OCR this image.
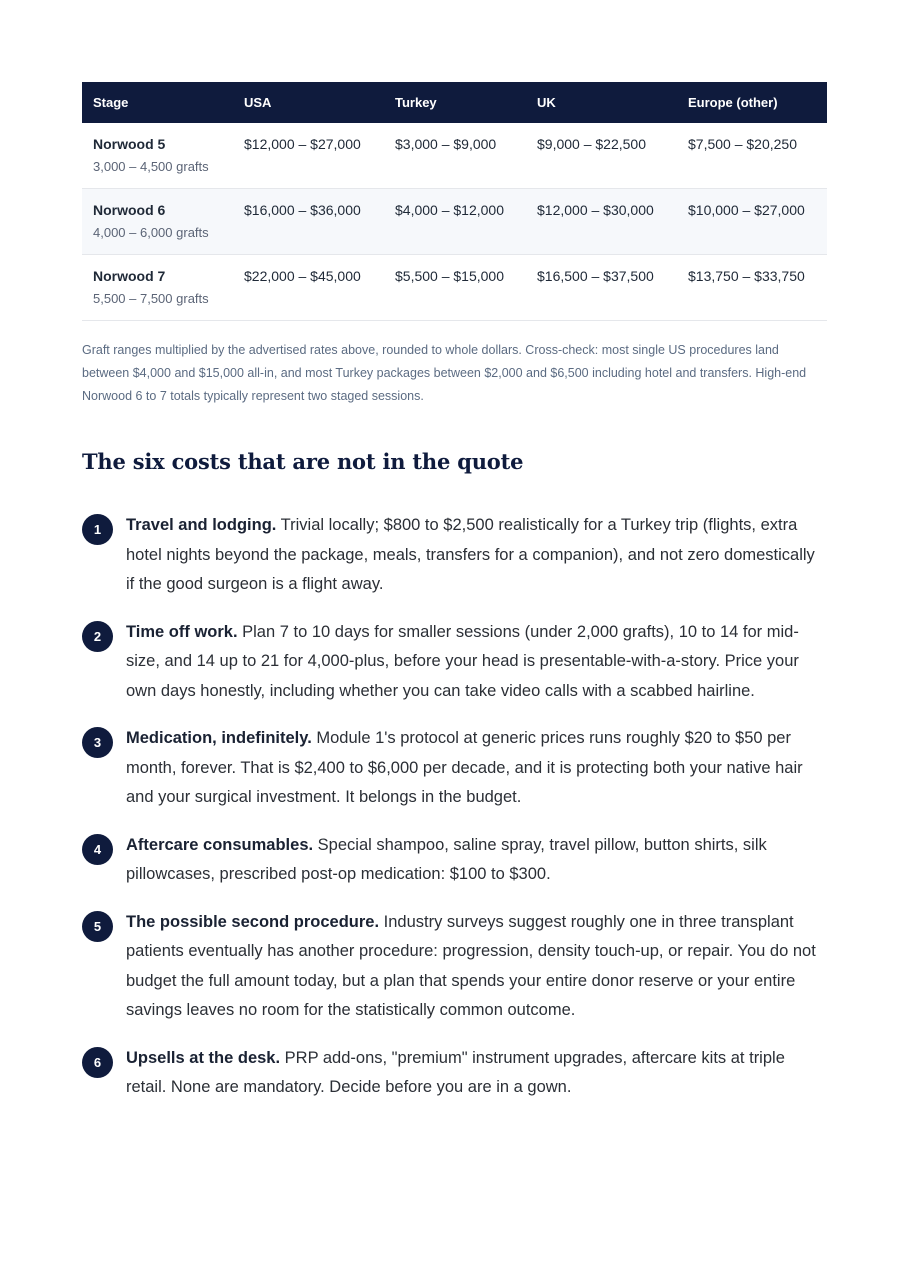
Stage	USA	Turkey	UK	Europe (other)

Norwood 5
3,000 – 4,500 grafts	$12,000 – $27,000	$3,000 – $9,000	$9,000 – $22,500	$7,500 – $20,250

Norwood 6
4,000 – 6,000 grafts	$16,000 – $36,000	$4,000 – $12,000	$12,000 – $30,000	$10,000 – $27,000

Norwood 7
5,500 – 7,500 grafts	$22,000 – $45,000	$5,500 – $15,000	$16,500 – $37,500	$13,750 – $33,750

Graft ranges multiplied by the advertised rates above, rounded to whole dollars. Cross-check: most single US procedures land between $4,000 and $15,000 all-in, and most Turkey packages between $2,000 and $6,500 including hotel and transfers. High-end Norwood 6 to 7 totals typically represent two staged sessions.

The six costs that are not in the quote
1	Travel and lodging. Trivial locally; $800 to $2,500 realistically for a Turkey trip (flights, extra hotel nights beyond the package, meals, transfers for a companion), and not zero domestically if the good surgeon is a flight away.
2	Time off work. Plan 7 to 10 days for smaller sessions (under 2,000 grafts), 10 to 14 for mid-size, and 14 up to 21 for 4,000-plus, before your head is presentable-with-a-story. Price your own days honestly, including whether you can take video calls with a scabbed hairline.
3	Medication, indefinitely. Module 1's protocol at generic prices runs roughly $20 to $50 per month, forever. That is $2,400 to $6,000 per decade, and it is protecting both your native hair and your surgical investment. It belongs in the budget.
4	Aftercare consumables. Special shampoo, saline spray, travel pillow, button shirts, silk pillowcases, prescribed post-op medication: $100 to $300.
5	The possible second procedure. Industry surveys suggest roughly one in three transplant patients eventually has another procedure: progression, density touch-up, or repair. You do not budget the full amount today, but a plan that spends your entire donor reserve or your entire savings leaves no room for the statistically common outcome.
6	Upsells at the desk. PRP add-ons, "premium" instrument upgrades, aftercare kits at triple retail. None are mandatory. Decide before you are in a gown.
